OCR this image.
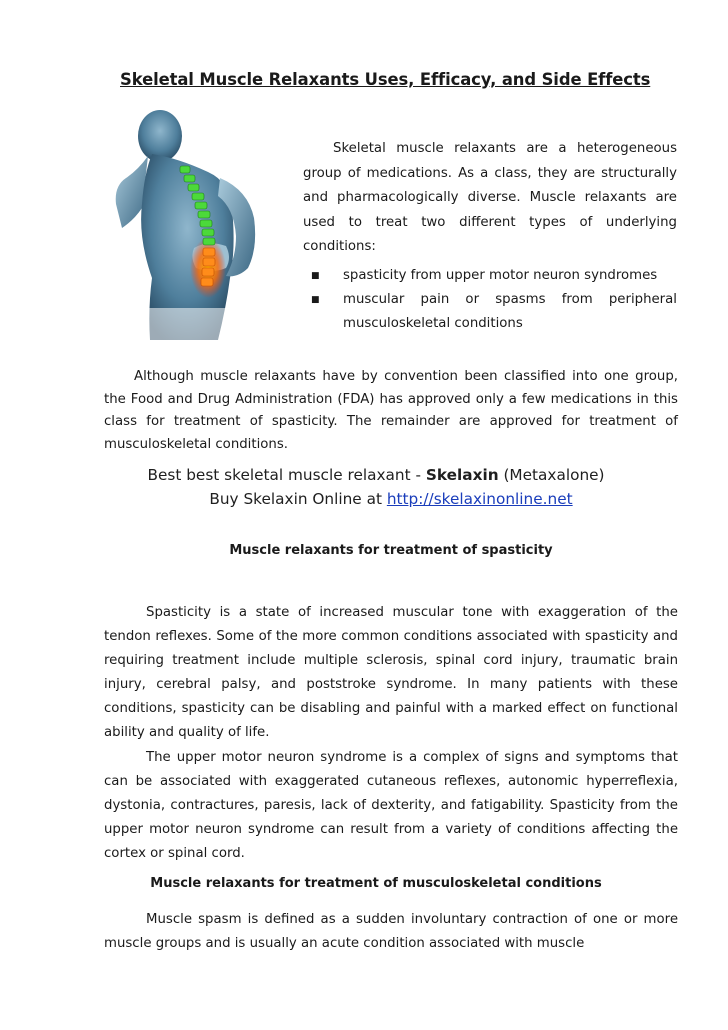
Skeletal Muscle Relaxants Uses, Efficacy, and Side Effects

Skeletal muscle relaxants are a heterogeneous group of medications. As a class, they are structurally and pharmacologically diverse. Muscle relaxants are used to treat two different types of underlying conditions:

■	spasticity from upper motor neuron syndromes
■	muscular pain or spasms from peripheral musculoskeletal conditions

Although muscle relaxants have by convention been classified into one group, the Food and Drug Administration (FDA) has approved only a few medications in this class for treatment of spasticity. The remainder are approved for treatment of musculoskeletal conditions.

Best best skeletal muscle relaxant - Skelaxin (Metaxalone)
Buy Skelaxin Online at http://skelaxinonline.net

Muscle relaxants for treatment of spasticity

Spasticity is a state of increased muscular tone with exaggeration of the tendon reflexes. Some of the more common conditions associated with spasticity and requiring treatment include multiple sclerosis, spinal cord injury, traumatic brain injury, cerebral palsy, and poststroke syndrome. In many patients with these conditions, spasticity can be disabling and painful with a marked effect on functional ability and quality of life.

The upper motor neuron syndrome is a complex of signs and symptoms that can be associated with exaggerated cutaneous reflexes, autonomic hyperreflexia, dystonia, contractures, paresis, lack of dexterity, and fatigability. Spasticity from the upper motor neuron syndrome can result from a variety of conditions affecting the cortex or spinal cord.

Muscle relaxants for treatment of musculoskeletal conditions

Muscle spasm is defined as a sudden involuntary contraction of one or more muscle groups and is usually an acute condition associated with muscle
